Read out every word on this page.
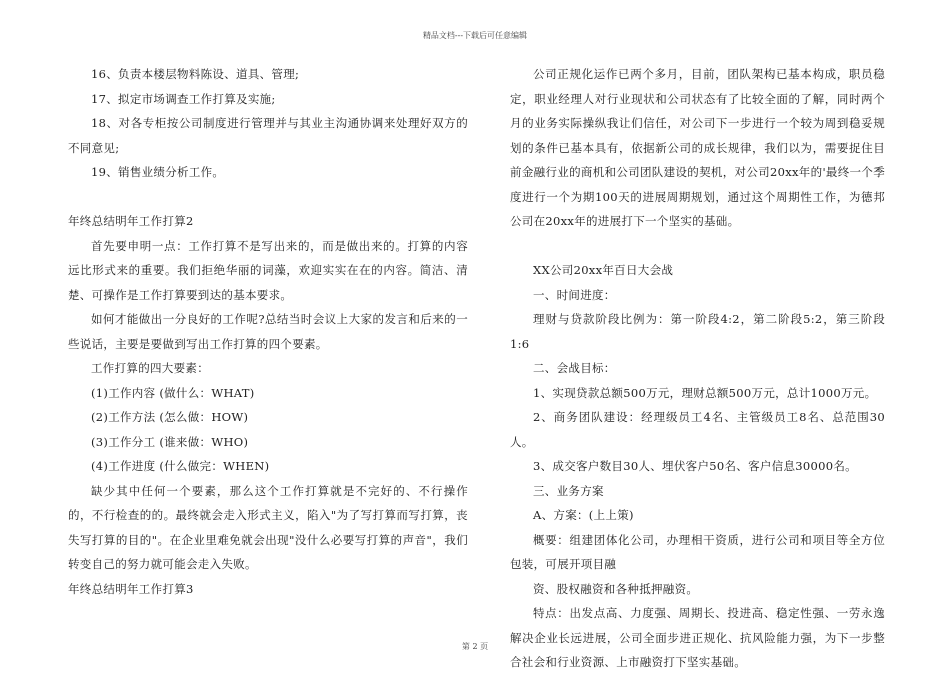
精品文档---下载后可任意编辑
16、负责本楼层物料陈设、道具、管理;
17、拟定市场调查工作打算及实施;
18、对各专柜按公司制度进行管理并与其业主沟通协调来处理好双方的不同意见;
19、销售业绩分析工作。
年终总结明年工作打算2
首先要申明一点：工作打算不是写出来的，而是做出来的。打算的内容远比形式来的重要。我们拒绝华丽的词藻，欢迎实实在在的内容。简洁、清楚、可操作是工作打算要到达的基本要求。
如何才能做出一分良好的工作呢?总结当时会议上大家的发言和后来的一些说话，主要是要做到写出工作打算的四个要素。
工作打算的四大要素：
(1)工作内容 (做什么：WHAT)
(2)工作方法 (怎么做：HOW)
(3)工作分工 (谁来做：WHO)
(4)工作进度 (什么做完：WHEN)
缺少其中任何一个要素，那么这个工作打算就是不完好的、不行操作的，不行检查的的。最终就会走入形式主义，陷入"为了写打算而写打算，丧失写打算的目的"。在企业里难免就会出现"没什么必要写打算的声音"，我们转变自己的努力就可能会走入失败。
年终总结明年工作打算3
公司正规化运作已两个多月，目前，团队架构已基本构成，职员稳定，职业经理人对行业现状和公司状态有了比较全面的了解，同时两个月的业务实际操纵我让们信任，对公司下一步进行一个较为周到稳妥规划的条件已基本具有，依据新公司的成长规律，我们以为，需要捉住目前金融行业的商机和公司团队建设的契机，对公司20xx年的'最终一个季度进行一个为期100天的进展周期规划，通过这个周期性工作，为德邦公司在20xx年的进展打下一个坚实的基础。
XX公司20xx年百日大会战
一、时间进度：
理财与贷款阶段比例为：第一阶段4:2，第二阶段5:2，第三阶段1:6
二、会战目标：
1、实现贷款总额500万元，理财总额500万元，总计1000万元。
2、商务团队建设：经理级员工4名、主管级员工8名、总范围30人。
3、成交客户数目30人、埋伏客户50名、客户信息30000名。
三、业务方案
A、方案：(上上策)
概要：组建团体化公司，办理相干资质，进行公司和项目等全方位包装，可展开项目融
资、股权融资和各种抵押融资。
特点：出发点高、力度强、周期长、投进高、稳定性强、一劳永逸解决企业长远进展，公司全面步进正规化、抗风险能力强，为下一步整合社会和行业资源、上市融资打下坚实基础。
第 2 页
